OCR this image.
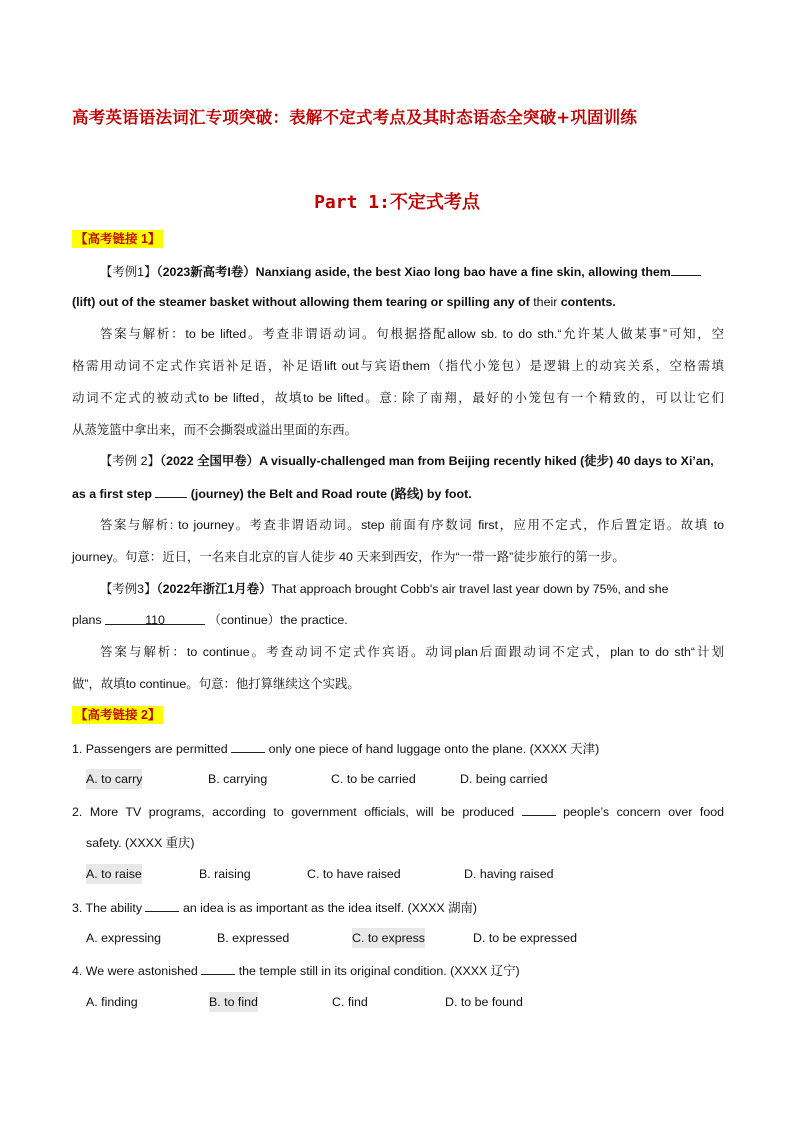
高考英语语法词汇专项突破：表解不定式考点及其时态语态全突破+巩固训练
Part 1:不定式考点
【高考链接 1】
【考例1】（2023新高考I卷）Nanxiang aside, the best Xiao long bao have a fine skin, allowing them
(lift) out of the steamer basket without allowing them tearing or spilling any of their contents.
答案与解析：to be lifted。考查非谓语动词。句根据搭配allow sb. to do sth.“允许某人做某事”可知，空
格需用动词不定式作宾语补足语，补足语lift out与宾语them（指代小笼包）是逻辑上的动宾关系，空格需填
动词不定式的被动式to be lifted，故填to be lifted。意: 除了南翔，最好的小笼包有一个精致的，可以让它们
从蒸笼篮中拿出来，而不会撕裂或溢出里面的东西。
【考例 2】（2022 全国甲卷）A visually-challenged man from Beijing recently hiked (徒步) 40 days to Xi’an,
as a first step	(journey) the Belt and Road route (路线) by foot.
答案与解析: to journey。考查非谓语动词。step 前面有序数词 first，应用不定式，作后置定语。故填 to
journey。句意：近日，一名来自北京的盲人徒步 40 天来到西安，作为“一带一路”徒步旅行的第一步。
【考例3】（2022年浙江1月卷）That approach brought Cobb's air travel last year down by 75%, and she
plans	110	（continue）the practice.
答案与解析：to continue。考查动词不定式作宾语。动词plan后面跟动词不定式，plan to do sth“计划
做”，故填to continue。句意：他打算继续这个实践。
【高考链接 2】
1. Passengers are permitted	only one piece of hand luggage onto the plane. (XXXX 天津)
A. to carry	B. carrying	C. to be carried	D. being carried
2. More TV programs, according to government officials, will be produced	people’s concern over food
safety. (XXXX 重庆)
A. to raise	B. raising	C. to have raised	D. having raised
3. The ability	an idea is as important as the idea itself. (XXXX 湖南)
A. expressing	B. expressed	C. to express	D. to be expressed
4. We were astonished	the temple still in its original condition. (XXXX 辽宁)
A. finding	B. to find	C. find	D. to be found
